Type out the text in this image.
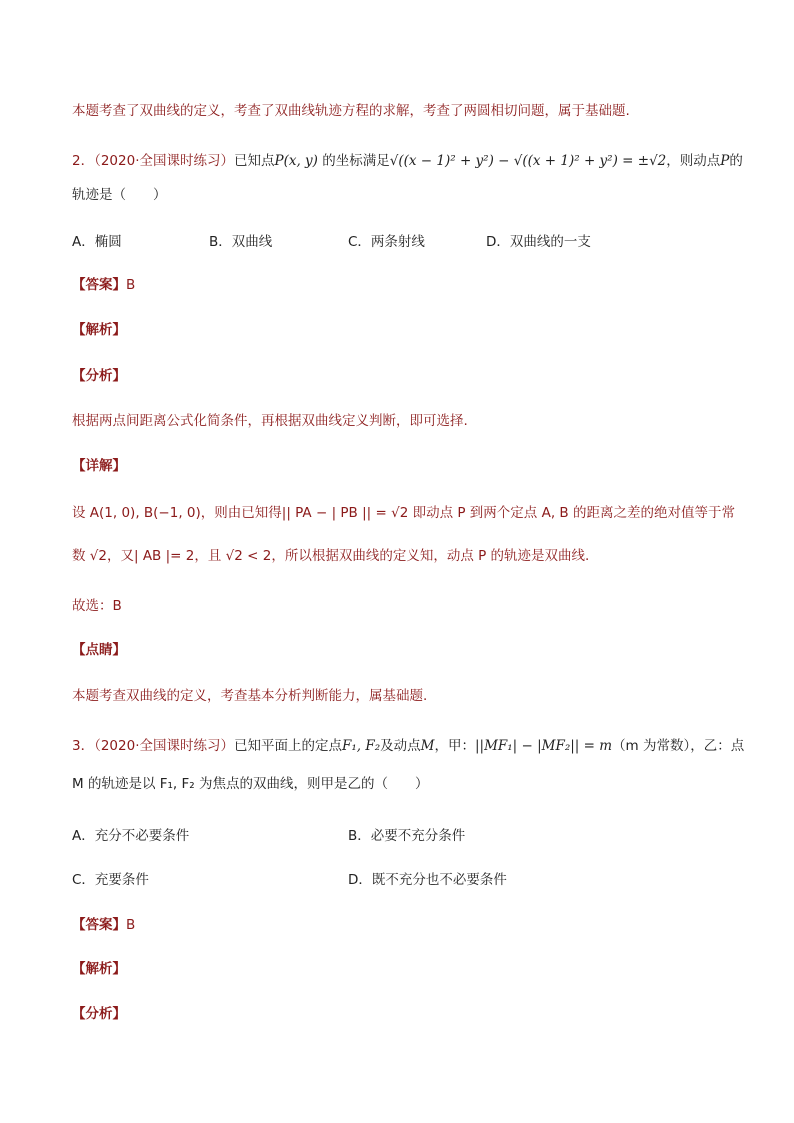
本题考查了双曲线的定义，考查了双曲线轨迹方程的求解，考查了两圆相切问题，属于基础题.
2．（2020·全国课时练习）已知点P(x, y) 的坐标满足√((x − 1)² + y²) − √((x + 1)² + y²) = ±√2，则动点P的
轨迹是（　　）
A．椭圆	B．双曲线	C．两条射线	D．双曲线的一支
【答案】B
【解析】
【分析】
根据两点间距离公式化简条件，再根据双曲线定义判断，即可选择.
【详解】
设 A(1, 0), B(−1, 0)，则由已知得|| PA − | PB || = √2 即动点 P 到两个定点 A, B 的距离之差的绝对值等于常
数 √2，又| AB |= 2，且 √2 < 2，所以根据双曲线的定义知，动点 P 的轨迹是双曲线.
故选：B
【点睛】
本题考查双曲线的定义，考查基本分析判断能力，属基础题.
3．（2020·全国课时练习）已知平面上的定点F₁, F₂及动点M，甲：||MF₁| − |MF₂|| = m（m 为常数），乙：点
M 的轨迹是以 F₁, F₂ 为焦点的双曲线，则甲是乙的（　　）
A．充分不必要条件	B．必要不充分条件
C．充要条件	D．既不充分也不必要条件
【答案】B
【解析】
【分析】
